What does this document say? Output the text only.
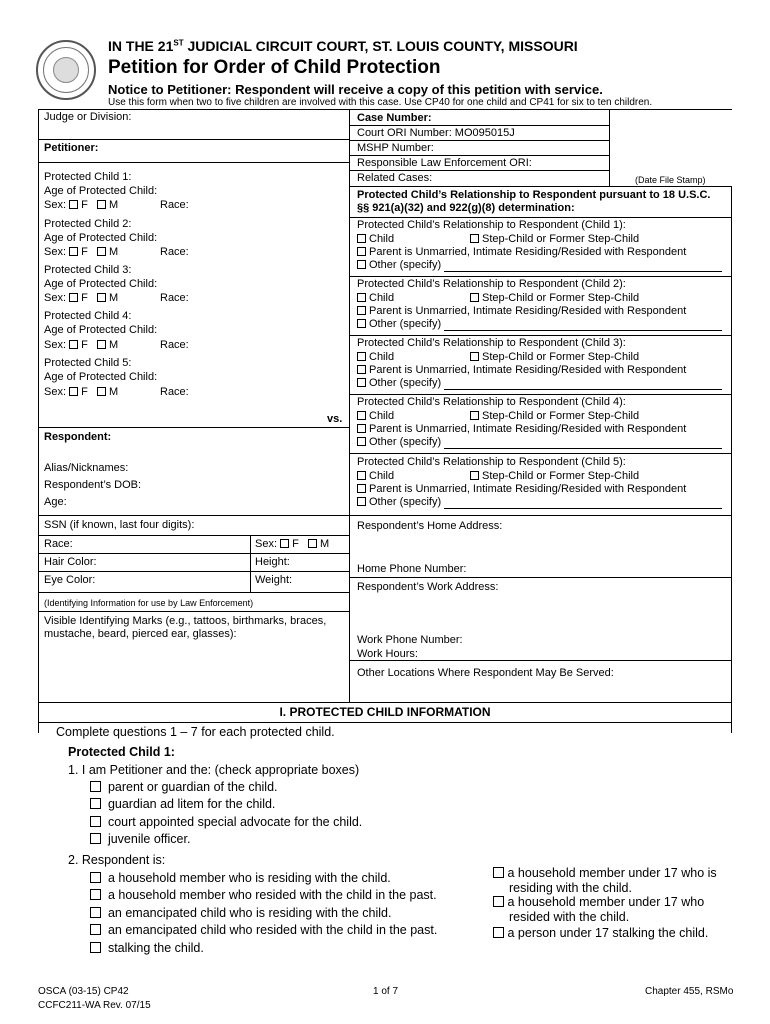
IN THE 21ST JUDICIAL CIRCUIT COURT, ST. LOUIS COUNTY, MISSOURI
Petition for Order of Child Protection
Notice to Petitioner: Respondent will receive a copy of this petition with service.
Use this form when two to five children are involved with this case. Use CP40 for one child and CP41 for six to ten children.
Judge or Division:
Petitioner:
Protected Child 1:
Age of Protected Child:
Sex: F M	Race:
Protected Child 2:
Age of Protected Child:
Sex: F M	Race:
Protected Child 3:
Age of Protected Child:
Sex: F M	Race:
Protected Child 4:
Age of Protected Child:
Sex: F M	Race:
Protected Child 5:
Age of Protected Child:
Sex: F M	Race:
vs.
Respondent:
Alias/Nicknames:
Respondent’s DOB:
Age:
SSN (if known, last four digits):
Race:	Sex: F M
Hair Color:	Height:
Eye Color:	Weight:
(Identifying Information for use by Law Enforcement)
Visible Identifying Marks (e.g., tattoos, birthmarks, braces,
mustache, beard, pierced ear, glasses):
Case Number:
Court ORI Number: MO095015J
MSHP Number:
Responsible Law Enforcement ORI:
Related Cases:	(Date File Stamp)
Protected Child’s Relationship to Respondent pursuant to 18 U.S.C.
§§ 921(a)(32) and 922(g)(8) determination:
Protected Child’s Relationship to Respondent (Child 1):
Child	Step-Child or Former Step-Child
Parent is Unmarried, Intimate Residing/Resided with Respondent
Other (specify)
Protected Child’s Relationship to Respondent (Child 2):
Child	Step-Child or Former Step-Child
Parent is Unmarried, Intimate Residing/Resided with Respondent
Other (specify)
Protected Child’s Relationship to Respondent (Child 3):
Child	Step-Child or Former Step-Child
Parent is Unmarried, Intimate Residing/Resided with Respondent
Other (specify)
Protected Child’s Relationship to Respondent (Child 4):
Child	Step-Child or Former Step-Child
Parent is Unmarried, Intimate Residing/Resided with Respondent
Other (specify)
Protected Child’s Relationship to Respondent (Child 5):
Child	Step-Child or Former Step-Child
Parent is Unmarried, Intimate Residing/Resided with Respondent
Other (specify)
Respondent’s Home Address:
Home Phone Number:
Respondent’s Work Address:
Work Phone Number:
Work Hours:
Other Locations Where Respondent May Be Served:
I. PROTECTED CHILD INFORMATION
Complete questions 1 – 7 for each protected child.
Protected Child 1:
1. I am Petitioner and the: (check appropriate boxes)
parent or guardian of the child.
guardian ad litem for the child.
court appointed special advocate for the child.
juvenile officer.
2. Respondent is:
a household member who is residing with the child.
a household member who resided with the child in the past.
an emancipated child who is residing with the child.
an emancipated child who resided with the child in the past.
stalking the child.
a household member under 17 who is
residing with the child.
a household member under 17 who
resided with the child.
a person under 17 stalking the child.
OSCA (03-15) CP42
CCFC211-WA Rev. 07/15
1 of 7	Chapter 455, RSMo
